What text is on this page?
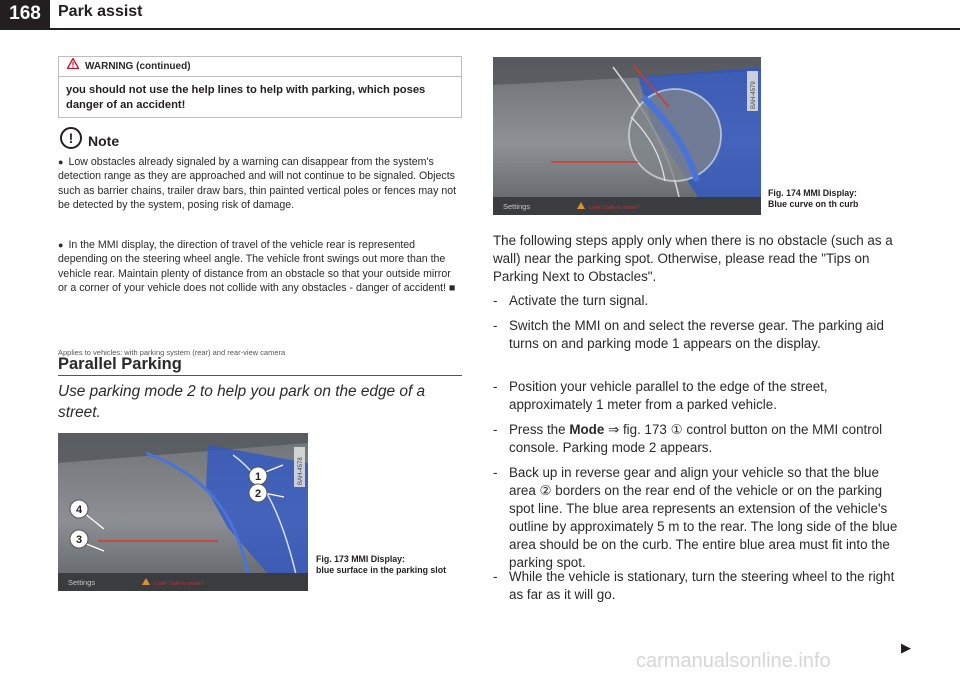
168	Park assist
WARNING (continued)
you should not use the help lines to help with parking, which poses danger of an accident!
!	Note
●  Low obstacles already signaled by a warning can disappear from the system's detection range as they are approached and will not continue to be signaled. Objects such as barrier chains, trailer draw bars, thin painted vertical poles or fences may not be detected by the system, posing risk of damage.
●  In the MMI display, the direction of travel of the vehicle rear is represented depending on the steering wheel angle. The vehicle front swings out more than the vehicle rear. Maintain plenty of distance from an obstacle so that your outside mirror or a corner of your vehicle does not collide with any obstacles - danger of accident! ■
Applies to vehicles: with parking system (rear) and rear-view camera
Parallel Parking
Use parking mode 2 to help you park on the edge of a street.
Settings	Look! Safe to move?
BAH-4578
1
2
3
4
Fig. 173 MMI Display:
blue surface in the parking slot
Settings	Look! Safe to move?
BAH-4579
Fig. 174 MMI Display:
Blue curve on th curb
The following steps apply only when there is no obstacle (such as a wall) near the parking spot. Otherwise, please read the "Tips on Parking Next to Obstacles".
- Activate the turn signal.
- Switch the MMI on and select the reverse gear. The parking aid turns on and parking mode 1 appears on the display.
- Position your vehicle parallel to the edge of the street, approximately 1 meter from a parked vehicle.
- Press the Mode ⇒ fig. 173 ① control button on the MMI control console. Parking mode 2 appears.
- Back up in reverse gear and align your vehicle so that the blue area ② borders on the rear end of the vehicle or on the parking spot line. The blue area represents an extension of the vehicle's outline by approximately 5 m to the rear. The long side of the blue area should be on the curb. The entire blue area must fit into the parking spot.
- While the vehicle is stationary, turn the steering wheel to the right as far as it will go.
▶
carmanualsonline.info
